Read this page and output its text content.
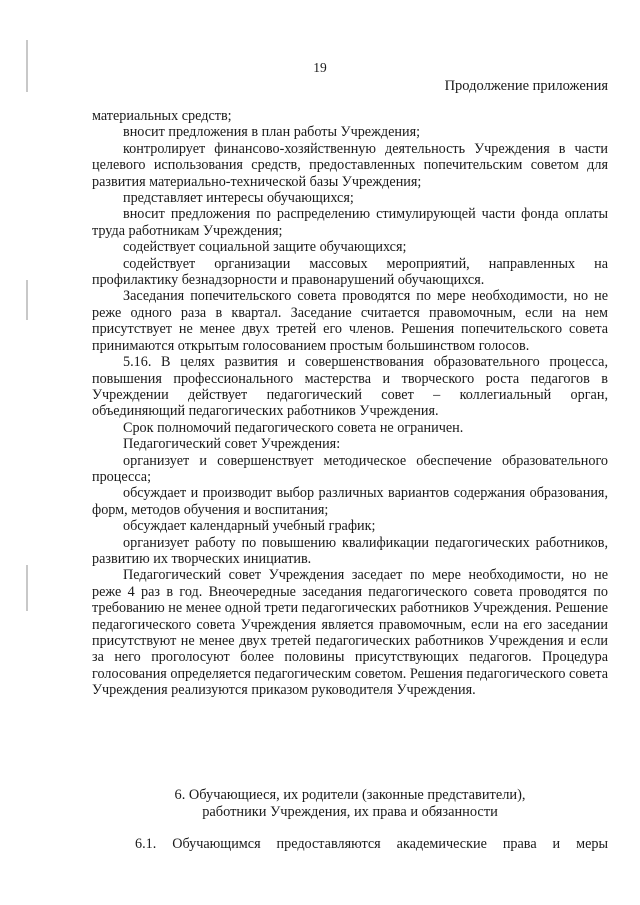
19
Продолжение приложения

материальных средств;

вносит предложения в план работы Учреждения;

контролирует финансово-хозяйственную деятельность Учреждения в части целевого использования средств, предоставленных попечительским советом для развития материально-технической базы Учреждения;

представляет интересы обучающихся;

вносит предложения по распределению стимулирующей части фонда оплаты труда работникам Учреждения;

содействует социальной защите обучающихся;

содействует организации массовых мероприятий, направленных на профилактику безнадзорности и правонарушений обучающихся.

Заседания попечительского совета проводятся по мере необходимости, но не реже одного раза в квартал. Заседание считается правомочным, если на нем присутствует не менее двух третей его членов. Решения попечительского совета принимаются открытым голосованием простым большинством голосов.

5.16. В целях развития и совершенствования образовательного процесса, повышения профессионального мастерства и творческого роста педагогов в Учреждении действует педагогический совет – коллегиальный орган, объединяющий педагогических работников Учреждения.

Срок полномочий педагогического совета не ограничен.

Педагогический совет Учреждения:

организует и совершенствует методическое обеспечение образовательного процесса;

обсуждает и производит выбор различных вариантов содержания образования, форм, методов обучения и воспитания;

обсуждает календарный учебный график;

организует работу по повышению квалификации педагогических работников, развитию их творческих инициатив.

Педагогический совет Учреждения заседает по мере необходимости, но не реже 4 раз в год. Внеочередные заседания педагогического совета проводятся по требованию не менее одной трети педагогических работников Учреждения. Решение педагогического совета Учреждения является правомочным, если на его заседании присутствуют не менее двух третей педагогических работников Учреждения и если за него проголосуют более половины присутствующих педагогов. Процедура голосования определяется педагогическим советом. Решения педагогического совета Учреждения реализуются приказом руководителя Учреждения.

6. Обучающиеся, их родители (законные представители),
работники Учреждения, их права и обязанности
6.1. Обучающимся предоставляются академические права и меры
